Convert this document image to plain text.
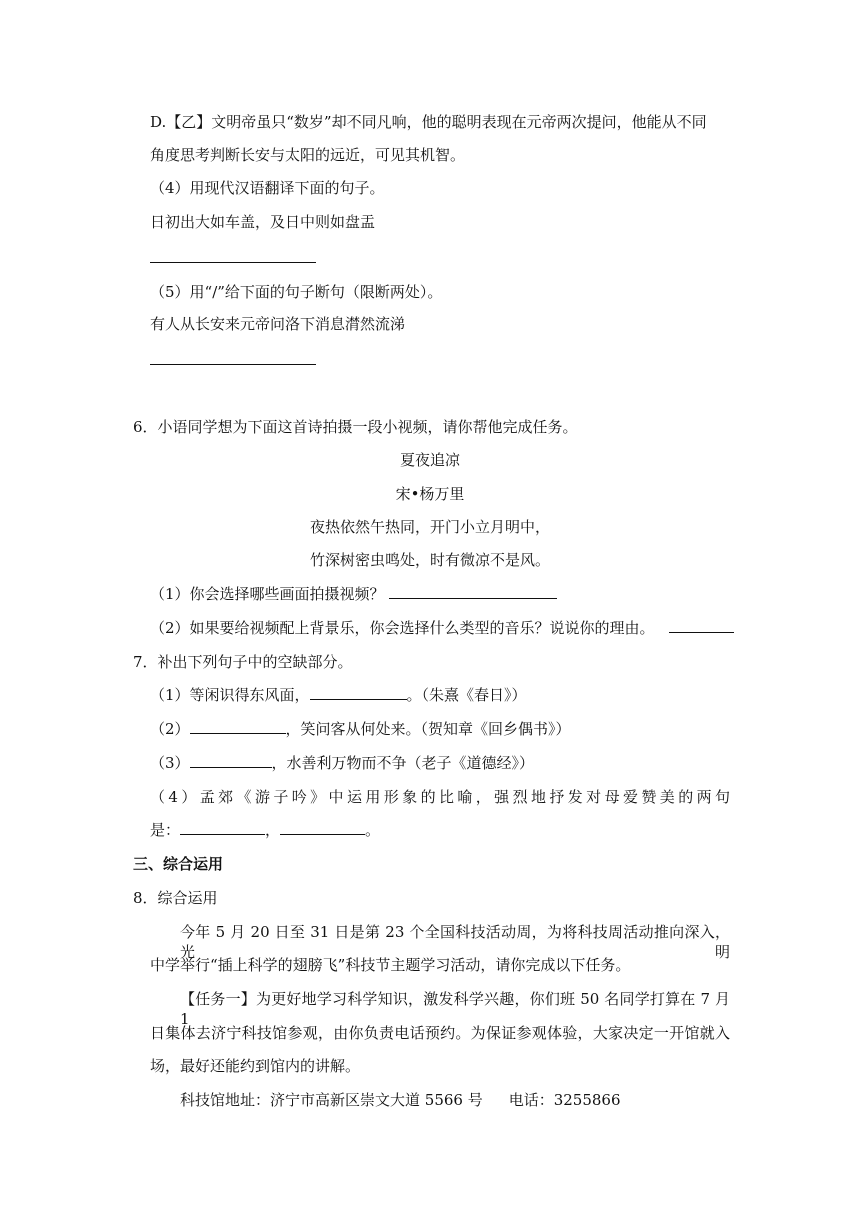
D.【乙】文明帝虽只“数岁”却不同凡响，他的聪明表现在元帝两次提问，他能从不同
角度思考判断长安与太阳的远近，可见其机智。
（4）用现代汉语翻译下面的句子。
日初出大如车盖，及日中则如盘盂
（5）用“/”给下面的句子断句（限断两处）。
有人从长安来元帝问洛下消息潸然流涕
6．小语同学想为下面这首诗拍摄一段小视频，请你帮他完成任务。
夏夜追凉
宋•杨万里
夜热依然午热同，开门小立月明中，
竹深树密虫鸣处，时有微凉不是风。
（1）你会选择哪些画面拍摄视频？
（2）如果要给视频配上背景乐，你会选择什么类型的音乐？说说你的理由。
7．补出下列句子中的空缺部分。
（1）等闲识得东风面，	。（朱熹《春日》）
（2）	，笑问客从何处来。（贺知章《回乡偶书》）
（3）	，水善利万物而不争（老子《道德经》）
（4）孟郊《游子吟》中运用形象的比喻，强烈地抒发对母爱赞美的两句
是：	，	。
三、综合运用
8．综合运用
今年 5 月 20 日至 31 日是第 23 个全国科技活动周，为将科技周活动推向深入，光明
中学举行“插上科学的翅膀飞”科技节主题学习活动，请你完成以下任务。
【任务一】为更好地学习科学知识，激发科学兴趣，你们班 50 名同学打算在 7 月 1
日集体去济宁科技馆参观，由你负责电话预约。为保证参观体验，大家决定一开馆就入
场，最好还能约到馆内的讲解。
科技馆地址：济宁市高新区崇文大道 5566 号 电话：3255866
